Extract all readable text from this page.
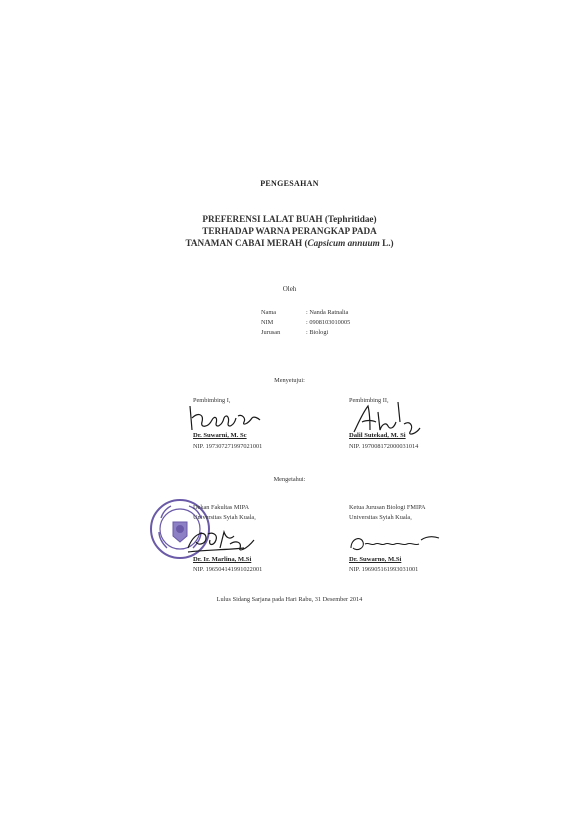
PENGESAHAN
PREFERENSI LALAT BUAH (Tephritidae)
TERHADAP WARNA PERANGKAP PADA
TANAMAN CABAI MERAH (Capsicum annuum L.)
Oleh
Nama	: Nanda Ratnalia
NIM	: 0908103010005
Jurusan	: Biologi
Menyetujui:
Pembimbing I,
Dr. Suwarni, M. Sc
NIP. 197307271997021001
Pembimbing II,
Dalil Sutekad, M. Si
NIP. 197008172000031014
Mengetahui:
Dekan Fakultas MIPA
Universitas Syiah Kuala,
Dr. Ir. Marlina, M.Si
NIP. 196504141991022001
Ketua Jurusan Biologi FMIPA
Universitas Syiah Kuala,
Dr. Suwarno, M.Si
NIP. 196905161993031001
Lulus Sidang Sarjana pada Hari Rabu, 31 Desember 2014
